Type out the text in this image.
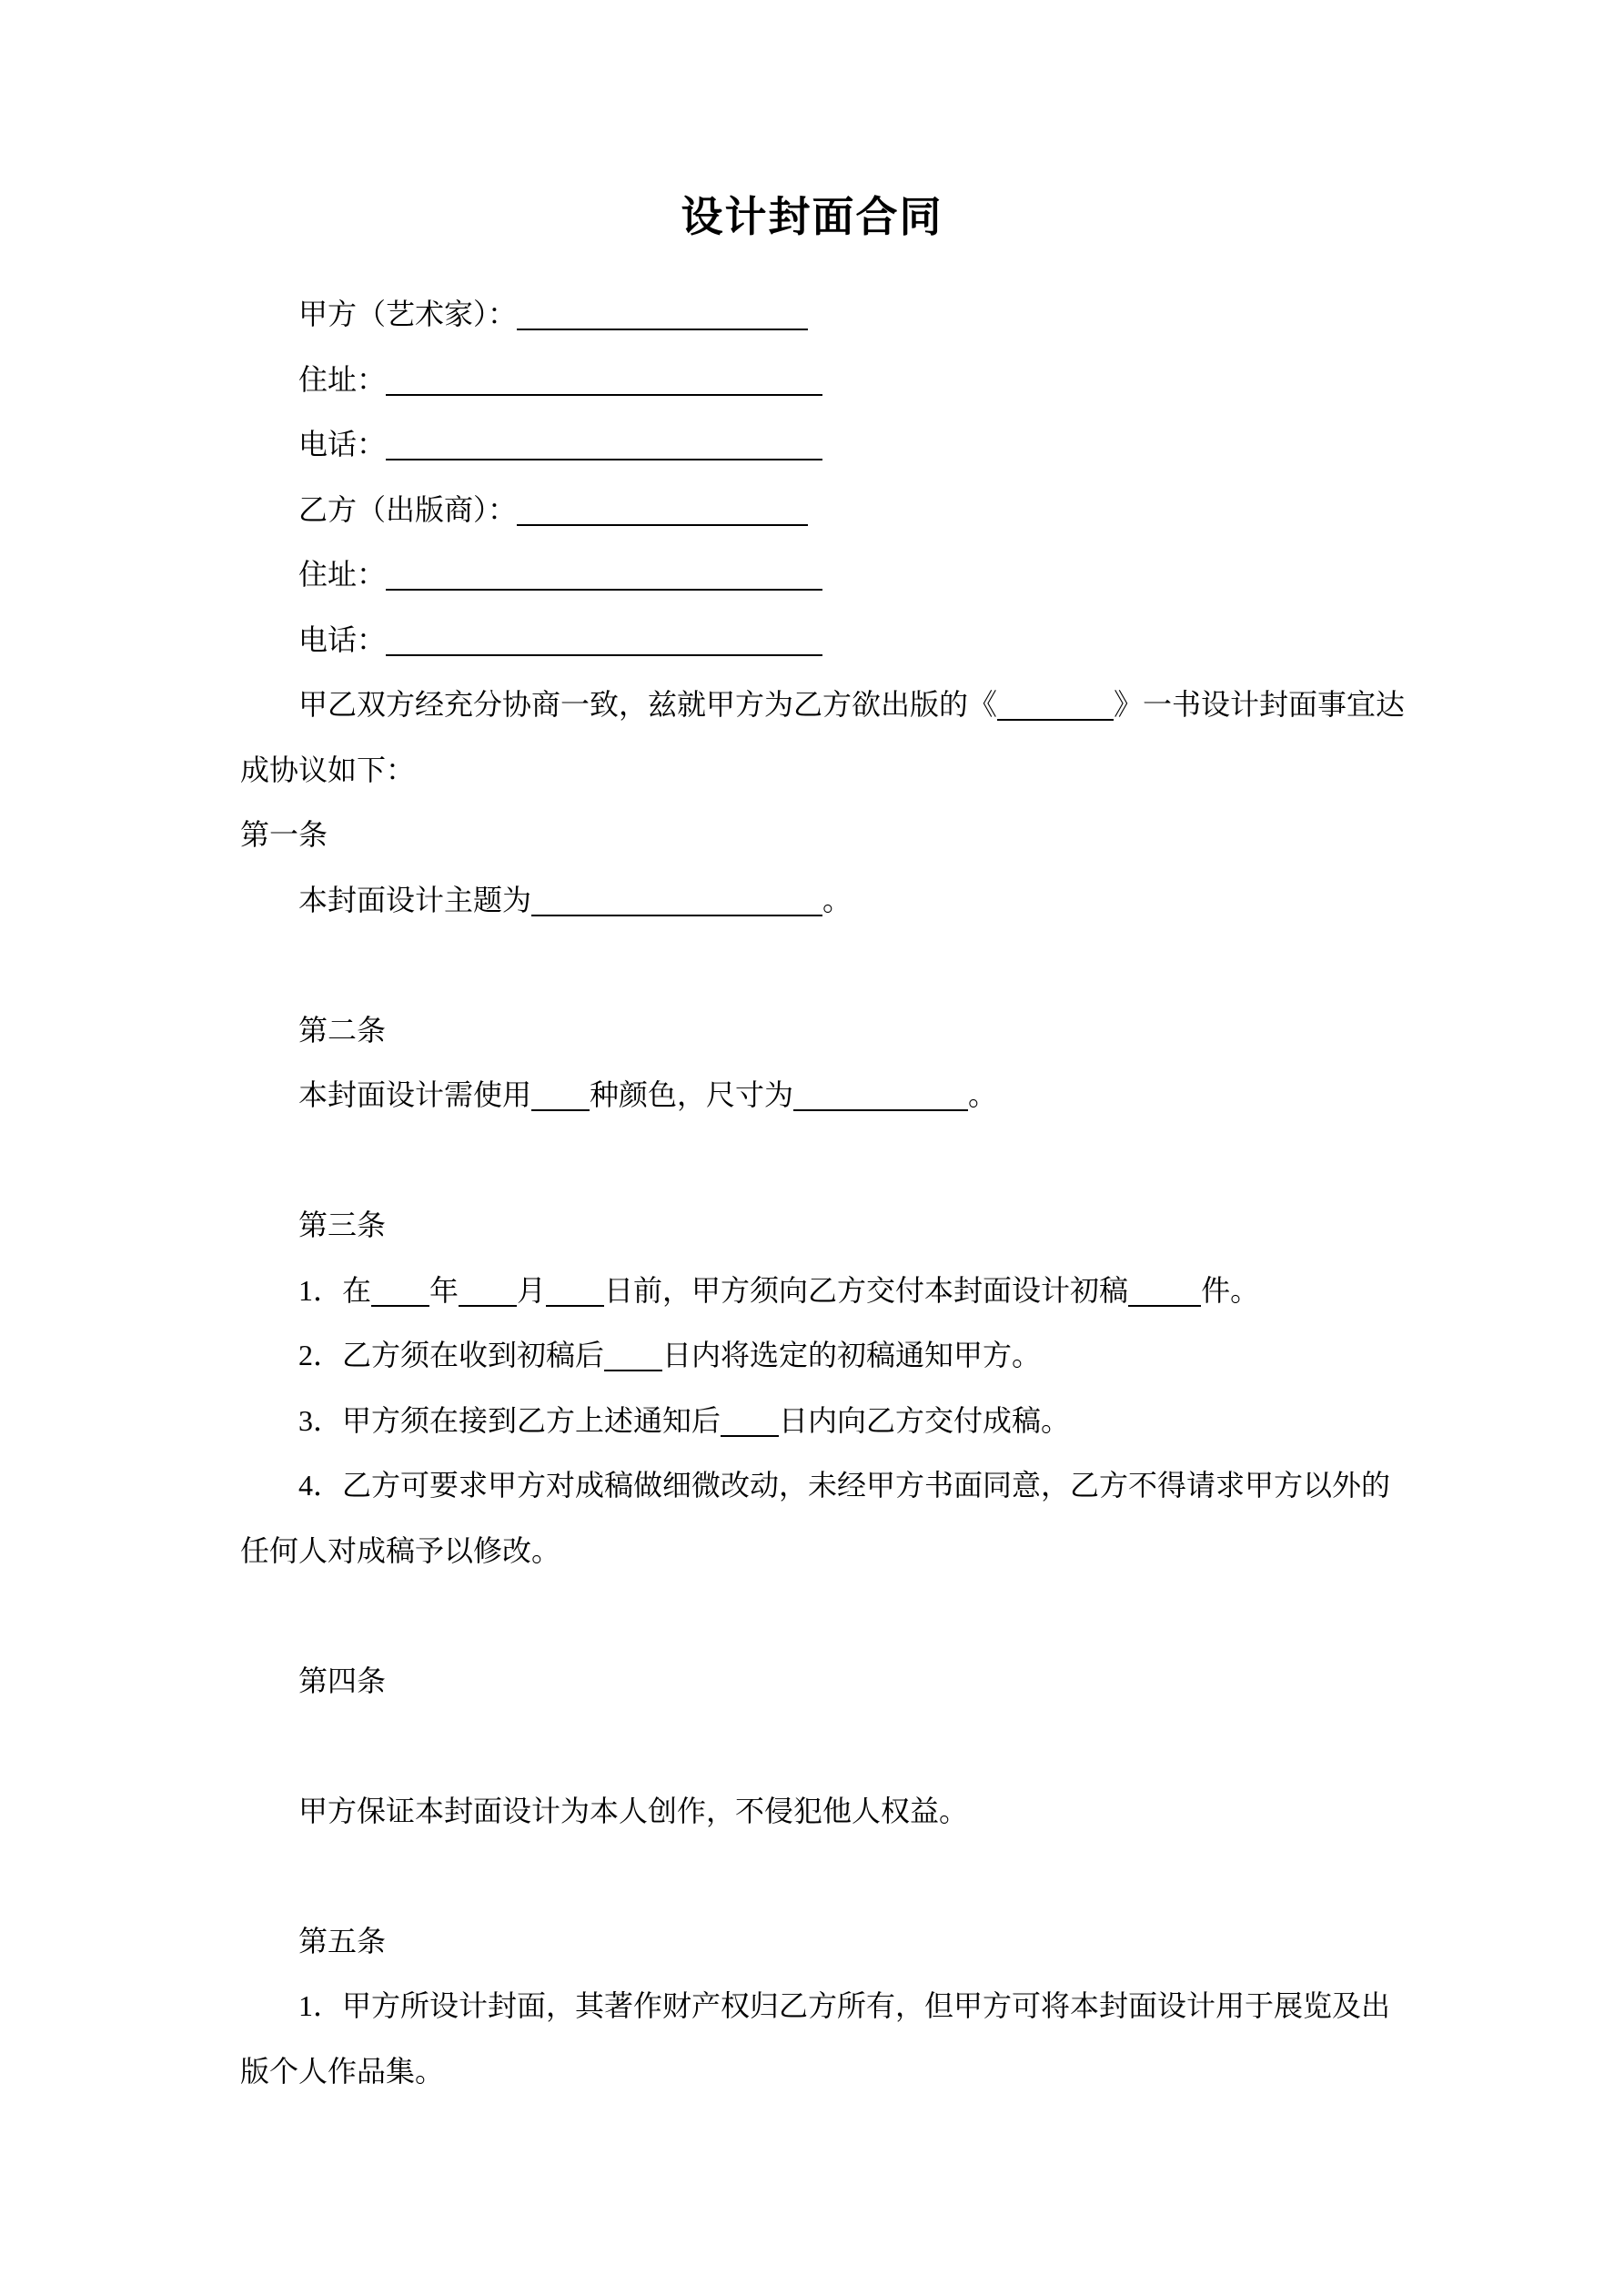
设计封面合同
甲方（艺术家）：
住址：
电话：
乙方（出版商）：
住址：
电话：
甲乙双方经充分协商一致，兹就甲方为乙方欲出版的《	》一书设计封面事宜达
成协议如下：
第一条
本封面设计主题为	。

第二条
本封面设计需使用 种颜色，尺寸为	。

第三条
1．在 年 月 日前，甲方须向乙方交付本封面设计初稿	件。
2．乙方须在收到初稿后 日内将选定的初稿通知甲方。
3．甲方须在接到乙方上述通知后 日内向乙方交付成稿。
4．乙方可要求甲方对成稿做细微改动，未经甲方书面同意，乙方不得请求甲方以外的
任何人对成稿予以修改。

第四条

甲方保证本封面设计为本人创作，不侵犯他人权益。

第五条
1．甲方所设计封面，其著作财产权归乙方所有，但甲方可将本封面设计用于展览及出
版个人作品集。
